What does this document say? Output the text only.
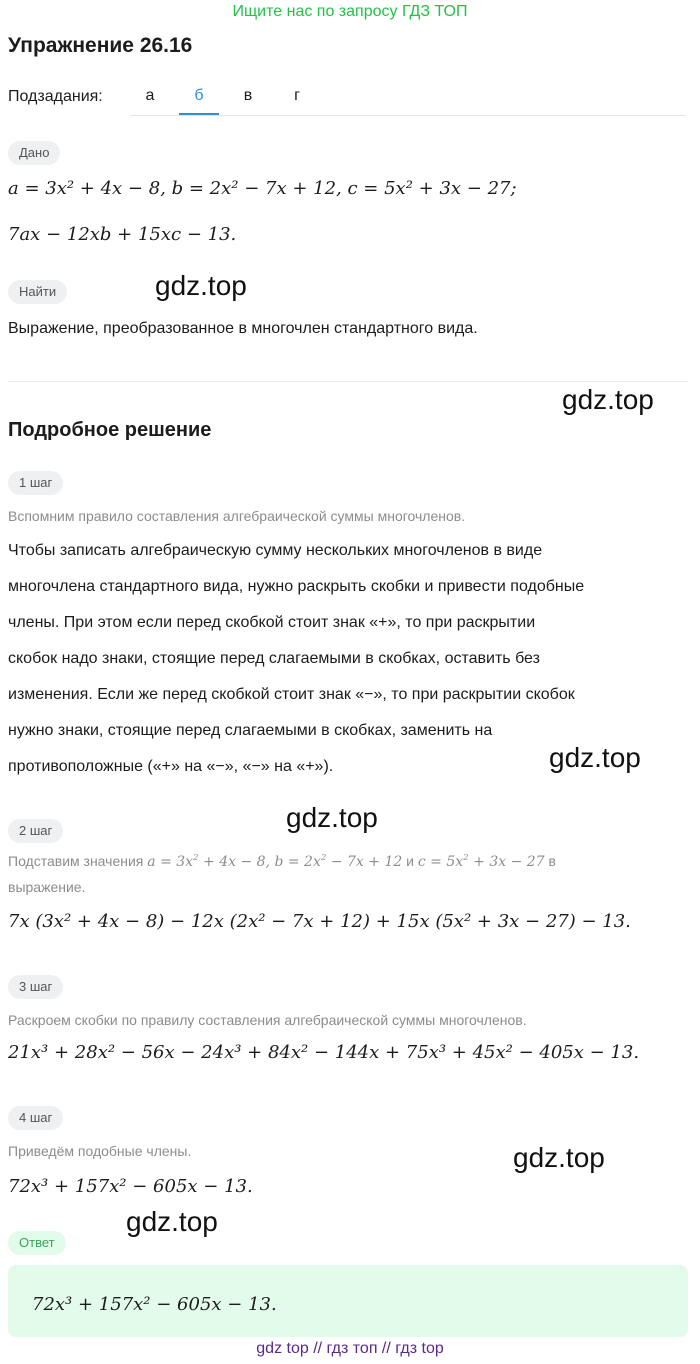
Ищите нас по запросу ГДЗ ТОП
Упражнение 26.16
Подзадания:	а	б	в	г
Дано
a = 3x² + 4x − 8, b = 2x² − 7x + 12, c = 5x² + 3x − 27;
7ax − 12xb + 15xc − 13.
Найти	gdz.top
Выражение, преобразованное в многочлен стандартного вида.
gdz.top
Подробное решение
1 шаг
Вспомним правило составления алгебраической суммы многочленов.
Чтобы записать алгебраическую сумму нескольких многочленов в виде
многочлена стандартного вида, нужно раскрыть скобки и привести подобные
члены. При этом если перед скобкой стоит знак «+», то при раскрытии
скобок надо знаки, стоящие перед слагаемыми в скобках, оставить без
изменения. Если же перед скобкой стоит знак «−», то при раскрытии скобок
нужно знаки, стоящие перед слагаемыми в скобках, заменить на
противоположные («+» на «−», «−» на «+»).	gdz.top
gdz.top
2 шаг
Подставим значения $a = 3x^2 + 4x - 8$, $b = 2x^2 - 7x + 12$ и $c = 5x^2 + 3x - 27$ в
выражение.
7x (3x² + 4x − 8) − 12x (2x² − 7x + 12) + 15x (5x² + 3x − 27) − 13.
3 шаг
Раскроем скобки по правилу составления алгебраической суммы многочленов.
21x³ + 28x² − 56x − 24x³ + 84x² − 144x + 75x³ + 45x² − 405x − 13.
4 шаг
Приведём подобные члены.	gdz.top
72x³ + 157x² − 605x − 13.
gdz.top
Ответ
72x³ + 157x² − 605x − 13.
gdz top // гдз топ // гдз top
